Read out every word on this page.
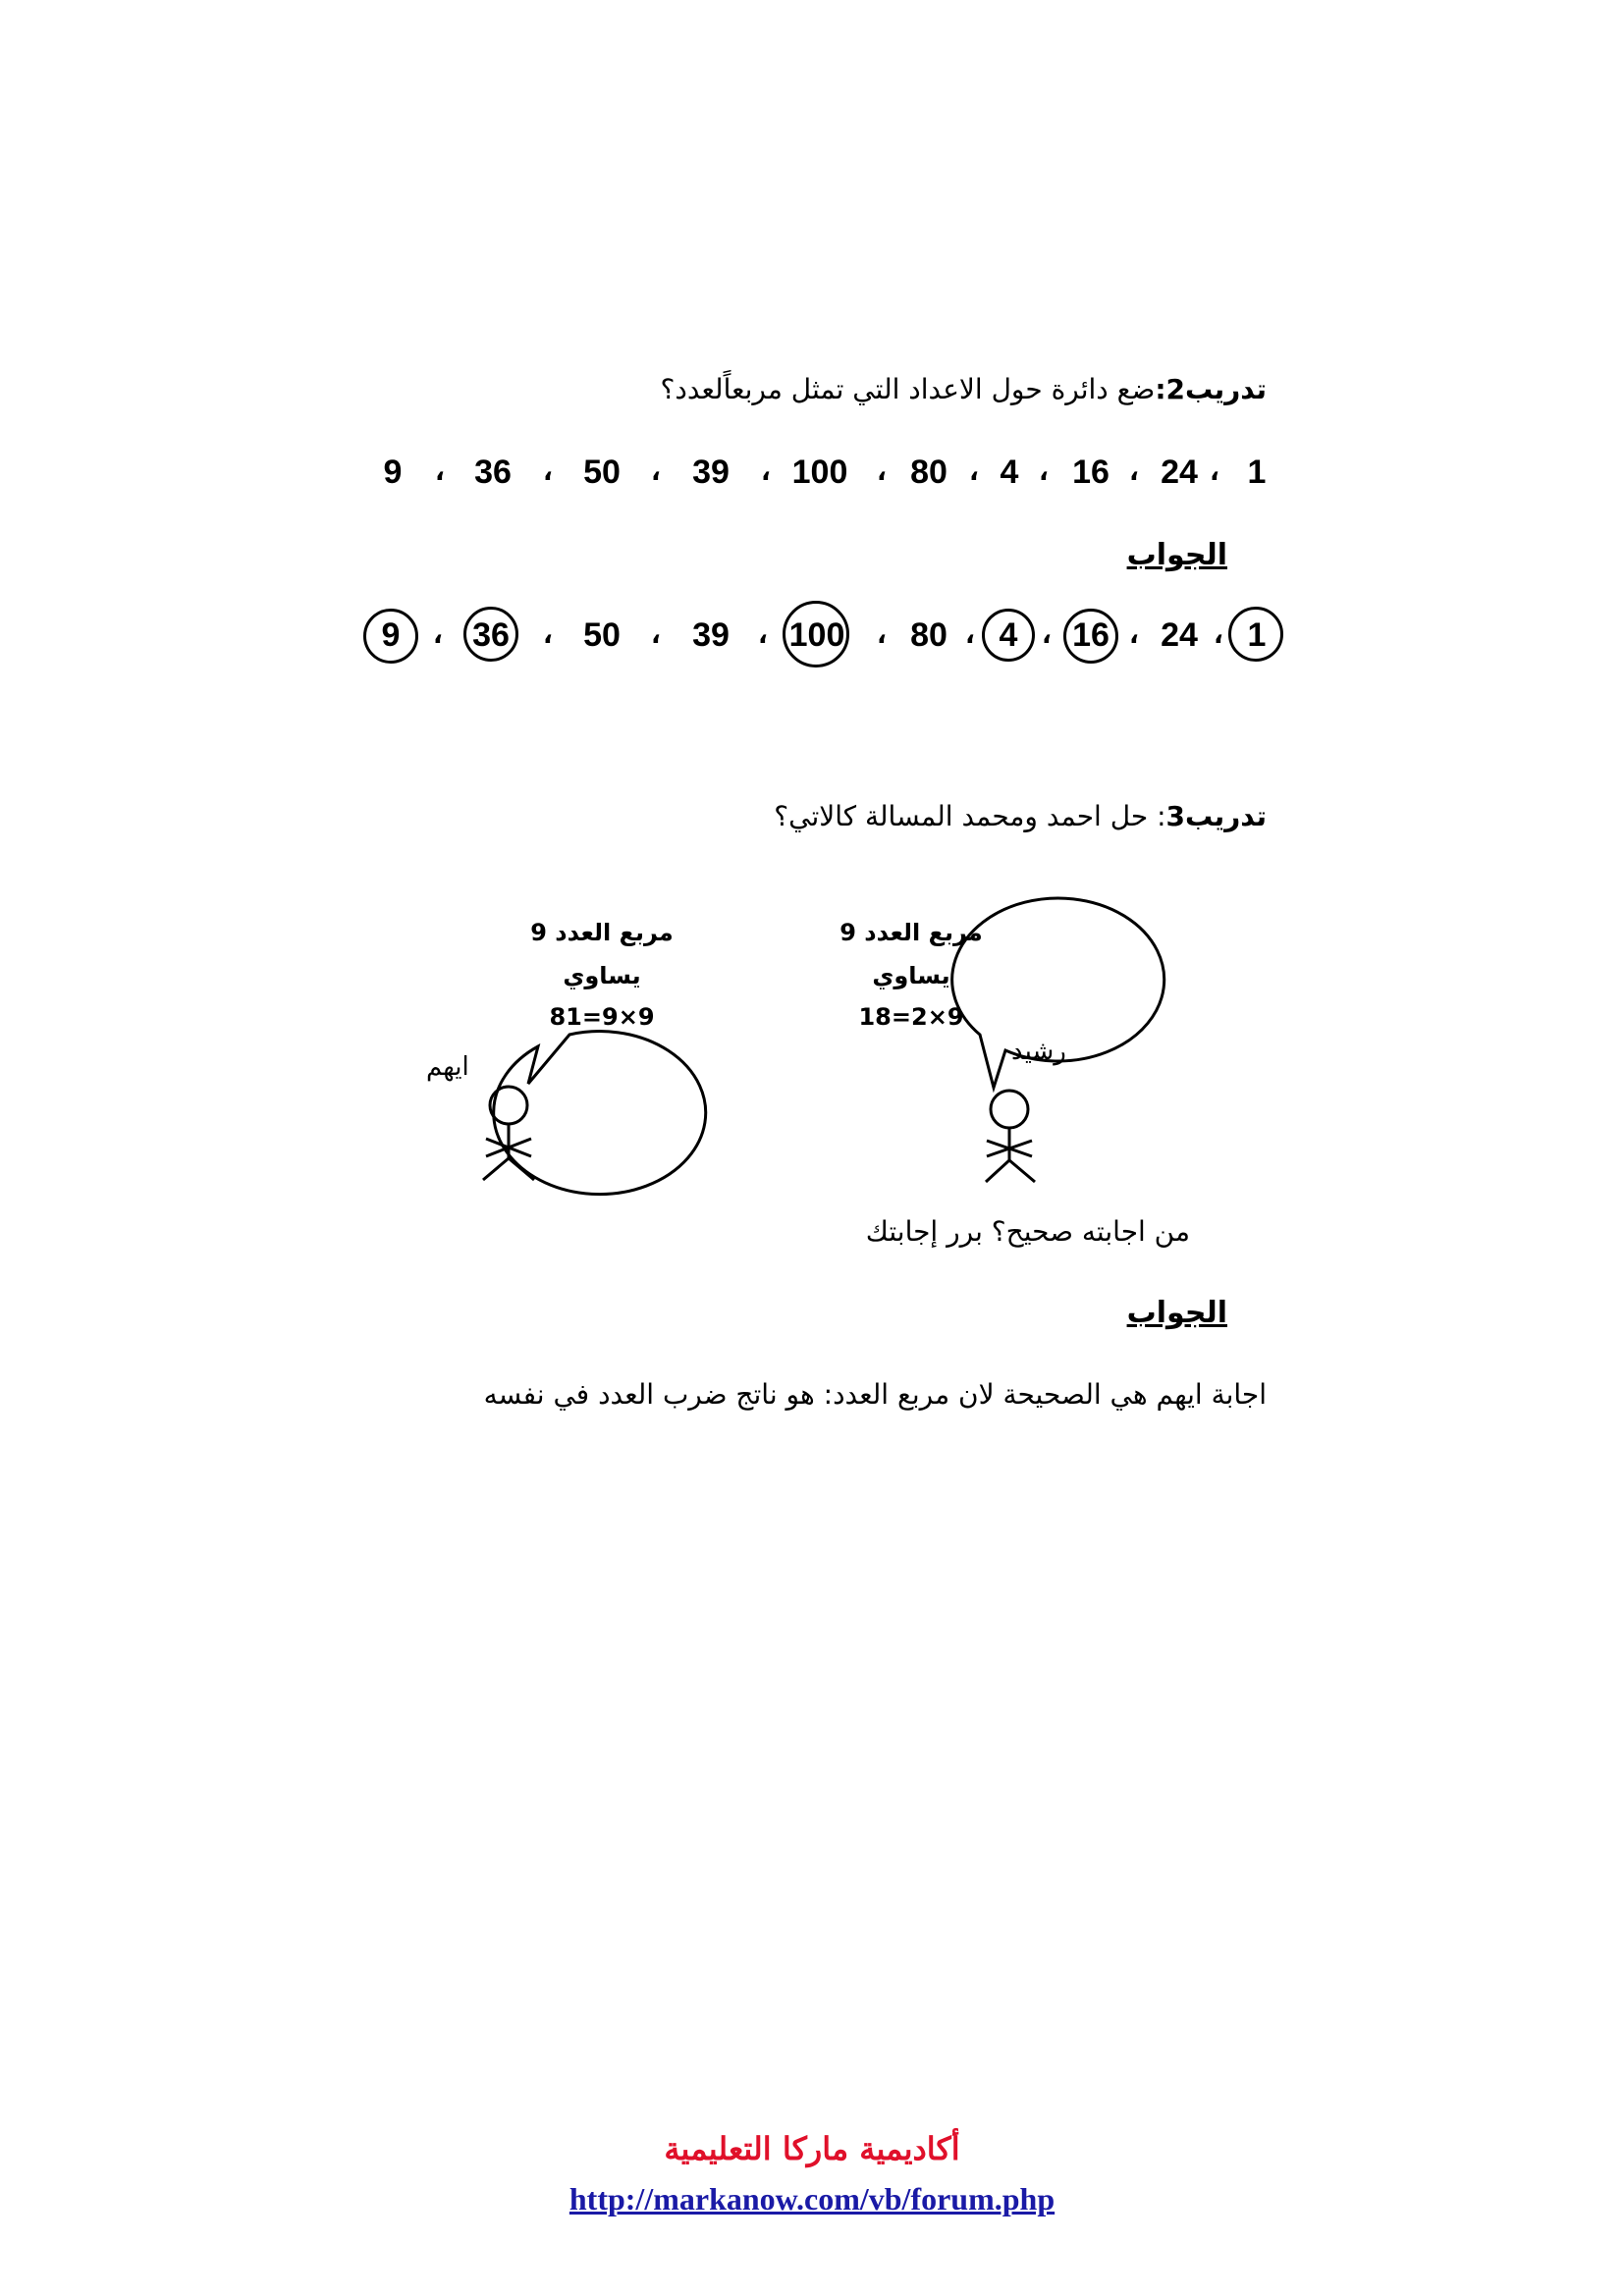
تدريب2:ضع دائرة حول الاعداد التي تمثل مربعاًلعدد؟
1
،
24
،
16
،
4
،
80
،
100
،
39
،
50
،
36
،
9
الجواب
1
،
24
،
16
،
4
،
80
،
100
،
39
،
50
،
36
،
9
تدريب3: حل احمد ومحمد المسالة كالاتي؟
مربع العدد 9
يساوي
9×9=81
مربع العدد 9
يساوي
9×2=18
ايهم
رشيد
من اجابته صحيح؟ برر إجابتك
الجواب
اجابة ايهم هي الصحيحة لان مربع العدد: هو ناتج ضرب العدد في نفسه
أكاديمية ماركا التعليمية
http://markanow.com/vb/forum.php
